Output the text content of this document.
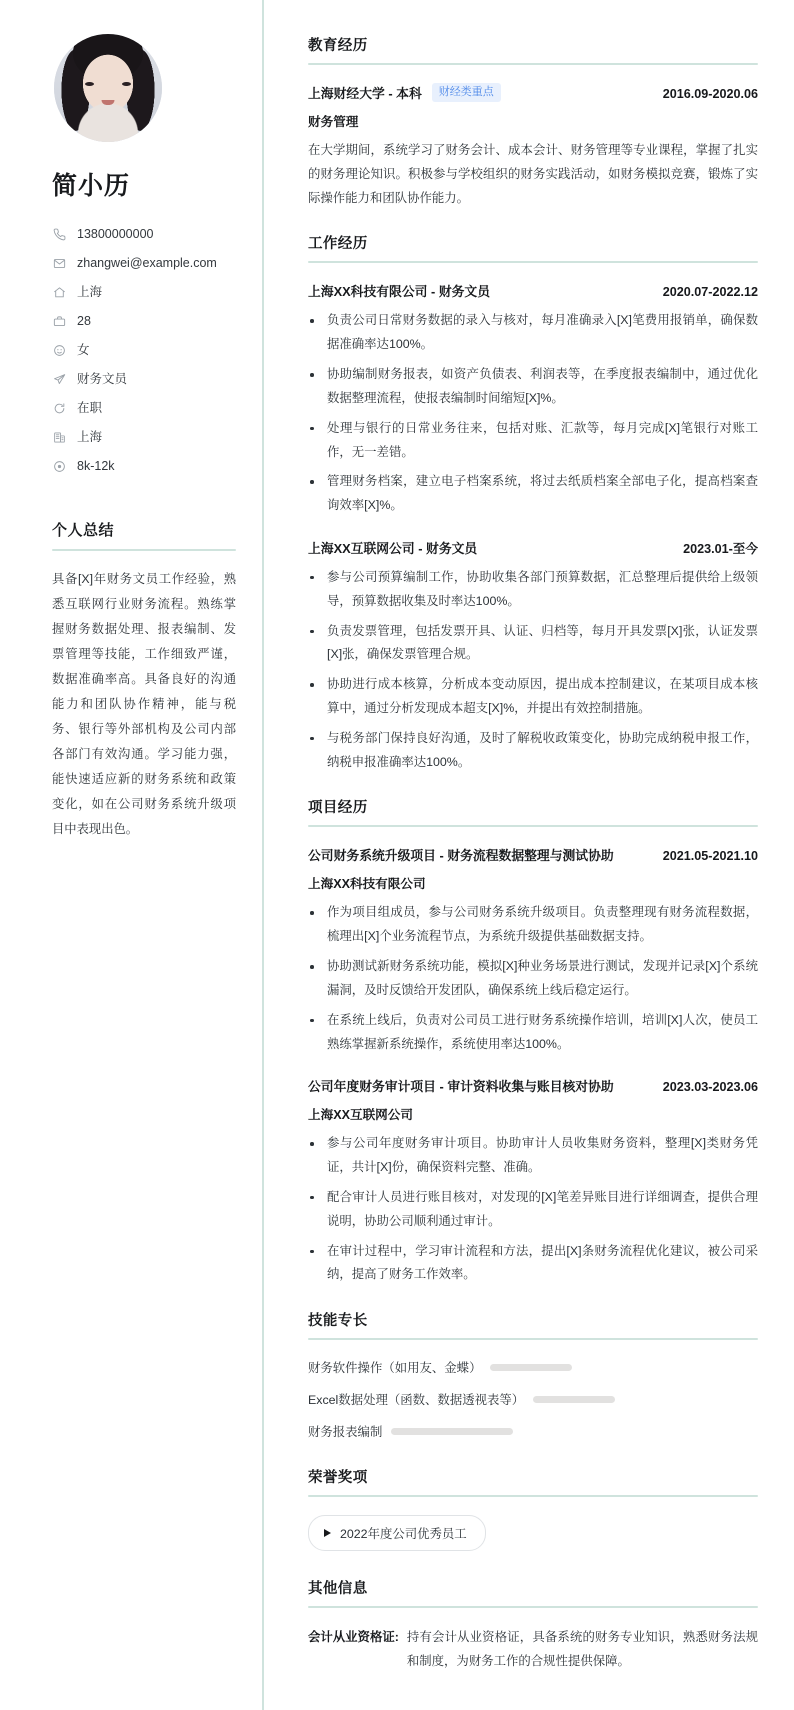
简小历
13800000000
zhangwei@example.com
上海
28
女
财务文员
在职
上海
8k-12k
个人总结

具备[X]年财务文员工作经验，熟悉互联网行业财务流程。熟练掌握财务数据处理、报表编制、发票管理等技能，工作细致严谨，数据准确率高。具备良好的沟通能力和团队协作精神，能与税务、银行等外部机构及公司内部各部门有效沟通。学习能力强，能快速适应新的财务系统和政策变化，如在公司财务系统升级项目中表现出色。

教育经历
上海财经大学 - 本科	财经类重点	2016.09-2020.06
财务管理

在大学期间，系统学习了财务会计、成本会计、财务管理等专业课程，掌握了扎实的财务理论知识。积极参与学校组织的财务实践活动，如财务模拟竞赛，锻炼了实际操作能力和团队协作能力。

工作经历
上海XX科技有限公司 - 财务文员	2020.07-2022.12
负责公司日常财务数据的录入与核对，每月准确录入[X]笔费用报销单，确保数据准确率达100%。
协助编制财务报表，如资产负债表、利润表等，在季度报表编制中，通过优化数据整理流程，使报表编制时间缩短[X]%。
处理与银行的日常业务往来，包括对账、汇款等，每月完成[X]笔银行对账工作，无一差错。
管理财务档案，建立电子档案系统，将过去纸质档案全部电子化，提高档案查询效率[X]%。
上海XX互联网公司 - 财务文员	2023.01-至今
参与公司预算编制工作，协助收集各部门预算数据，汇总整理后提供给上级领导，预算数据收集及时率达100%。
负责发票管理，包括发票开具、认证、归档等，每月开具发票[X]张，认证发票[X]张，确保发票管理合规。
协助进行成本核算，分析成本变动原因，提出成本控制建议，在某项目成本核算中，通过分析发现成本超支[X]%，并提出有效控制措施。
与税务部门保持良好沟通，及时了解税收政策变化，协助完成纳税申报工作，纳税申报准确率达100%。
项目经历
公司财务系统升级项目 - 财务流程数据整理与测试协助	2021.05-2021.10
上海XX科技有限公司
作为项目组成员，参与公司财务系统升级项目。负责整理现有财务流程数据，梳理出[X]个业务流程节点，为系统升级提供基础数据支持。
协助测试新财务系统功能，模拟[X]种业务场景进行测试，发现并记录[X]个系统漏洞，及时反馈给开发团队，确保系统上线后稳定运行。
在系统上线后，负责对公司员工进行财务系统操作培训，培训[X]人次，使员工熟练掌握新系统操作，系统使用率达100%。
公司年度财务审计项目 - 审计资料收集与账目核对协助	2023.03-2023.06
上海XX互联网公司
参与公司年度财务审计项目。协助审计人员收集财务资料，整理[X]类财务凭证，共计[X]份，确保资料完整、准确。
配合审计人员进行账目核对，对发现的[X]笔差异账目进行详细调查，提供合理说明，协助公司顺利通过审计。
在审计过程中，学习审计流程和方法，提出[X]条财务流程优化建议，被公司采纳，提高了财务工作效率。
技能专长
财务软件操作（如用友、金蝶）
Excel数据处理（函数、数据透视表等）
财务报表编制
荣誉奖项
2022年度公司优秀员工
其他信息
会计从业资格证: 持有会计从业资格证，具备系统的财务专业知识，熟悉财务法规和制度，为财务工作的合规性提供保障。
